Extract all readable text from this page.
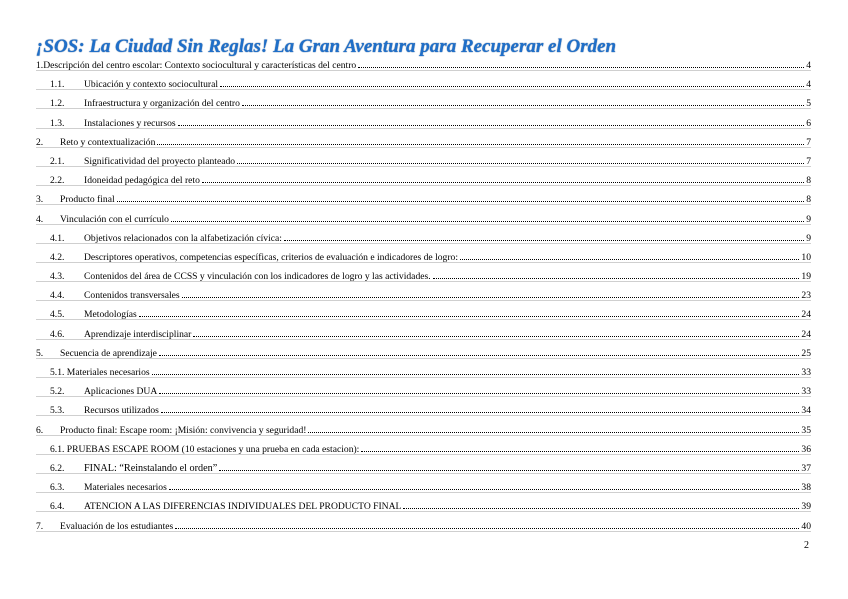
¡SOS: La Ciudad Sin Reglas! La Gran Aventura para Recuperar el Orden
1.Descripción del centro escolar: Contexto sociocultural y características del centro	4
1.1.	Ubicación y contexto sociocultural	4
1.2.	Infraestructura y organización del centro	5
1.3.	Instalaciones y recursos	6
2.	Reto y contextualización	7
2.1.	Significatividad del proyecto planteado	7
2.2.	Idoneidad pedagógica del reto	8
3.	Producto final	8
4.	Vinculación con el currículo	9
4.1.	Objetivos relacionados con la alfabetización cívica:	9
4.2.	Descriptores operativos, competencias específicas, criterios de evaluación e indicadores de logro:	10
4.3.	Contenidos del área de CCSS y vinculación con los indicadores de logro y las actividades.	19
4.4.	Contenidos transversales	23
4.5.	Metodologías	24
4.6.	Aprendizaje interdisciplinar	24
5.	Secuencia de aprendizaje	25
5.1. Materiales necesarios	33
5.2.	Aplicaciones DUA	33
5.3.	Recursos utilizados	34
6.	Producto final: Escape room: ¡Misión: convivencia y seguridad!	35
6.1. PRUEBAS ESCAPE ROOM (10 estaciones y una prueba en cada estacion):	36
6.2.	FINAL: “Reinstalando el orden”	37
6.3.	Materiales necesarios	38
6.4.	ATENCION A LAS DIFERENCIAS INDIVIDUALES DEL PRODUCTO FINAL	39
7.	Evaluación de los estudiantes	40
2
